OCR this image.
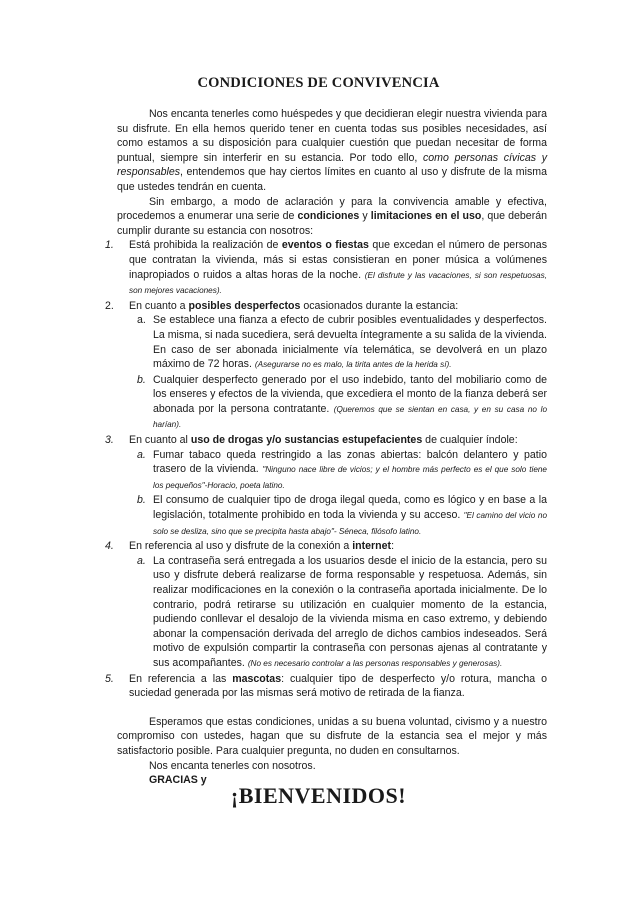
CONDICIONES DE CONVIVENCIA

Nos encanta tenerles como huéspedes y que decidieran elegir nuestra vivienda para su disfrute. En ella hemos querido tener en cuenta todas sus posibles necesidades, así como estamos a su disposición para cualquier cuestión que puedan necesitar de forma puntual, siempre sin interferir en su estancia. Por todo ello, como personas cívicas y responsables, entendemos que hay ciertos límites en cuanto al uso y disfrute de la misma que ustedes tendrán en cuenta.

Sin embargo, a modo de aclaración y para la convivencia amable y efectiva, procedemos a enumerar una serie de condiciones y limitaciones en el uso, que deberán cumplir durante su estancia con nosotros:

1. Está prohibida la realización de eventos o fiestas que excedan el número de personas que contratan la vivienda, más si estas consistieran en poner música a volúmenes inapropiados o ruidos a altas horas de la noche. (El disfrute y las vacaciones, si son respetuosas, son mejores vacaciones).
2. En cuanto a posibles desperfectos ocasionados durante la estancia:
a. Se establece una fianza a efecto de cubrir posibles eventualidades y desperfectos. La misma, si nada sucediera, será devuelta íntegramente a su salida de la vivienda. En caso de ser abonada inicialmente vía telemática, se devolverá en un plazo máximo de 72 horas. (Asegurarse no es malo, la tirita antes de la herida sí).
b. Cualquier desperfecto generado por el uso indebido, tanto del mobiliario como de los enseres y efectos de la vivienda, que excediera el monto de la fianza deberá ser abonada por la persona contratante. (Queremos que se sientan en casa, y en su casa no lo harían).
3. En cuanto al uso de drogas y/o sustancias estupefacientes de cualquier índole:
a. Fumar tabaco queda restringido a las zonas abiertas: balcón delantero y patio trasero de la vivienda. "Ninguno nace libre de vicios; y el hombre más perfecto es el que solo tiene los pequeños"-Horacio, poeta latino.
b. El consumo de cualquier tipo de droga ilegal queda, como es lógico y en base a la legislación, totalmente prohibido en toda la vivienda y su acceso. "El camino del vicio no solo se desliza, sino que se precipita hasta abajo"- Séneca, filósofo latino.
4. En referencia al uso y disfrute de la conexión a internet:
a. La contraseña será entregada a los usuarios desde el inicio de la estancia, pero su uso y disfrute deberá realizarse de forma responsable y respetuosa. Además, sin realizar modificaciones en la conexión o la contraseña aportada inicialmente. De lo contrario, podrá retirarse su utilización en cualquier momento de la estancia, pudiendo conllevar el desalojo de la vivienda misma en caso extremo, y debiendo abonar la compensación derivada del arreglo de dichos cambios indeseados. Será motivo de expulsión compartir la contraseña con personas ajenas al contratante y sus acompañantes. (No es necesario controlar a las personas responsables y generosas).
5. En referencia a las mascotas: cualquier tipo de desperfecto y/o rotura, mancha o suciedad generada por las mismas será motivo de retirada de la fianza.

Esperamos que estas condiciones, unidas a su buena voluntad, civismo y a nuestro compromiso con ustedes, hagan que su disfrute de la estancia sea el mejor y más satisfactorio posible. Para cualquier pregunta, no duden en consultarnos.

Nos encanta tenerles con nosotros.

GRACIAS y

¡BIENVENIDOS!
